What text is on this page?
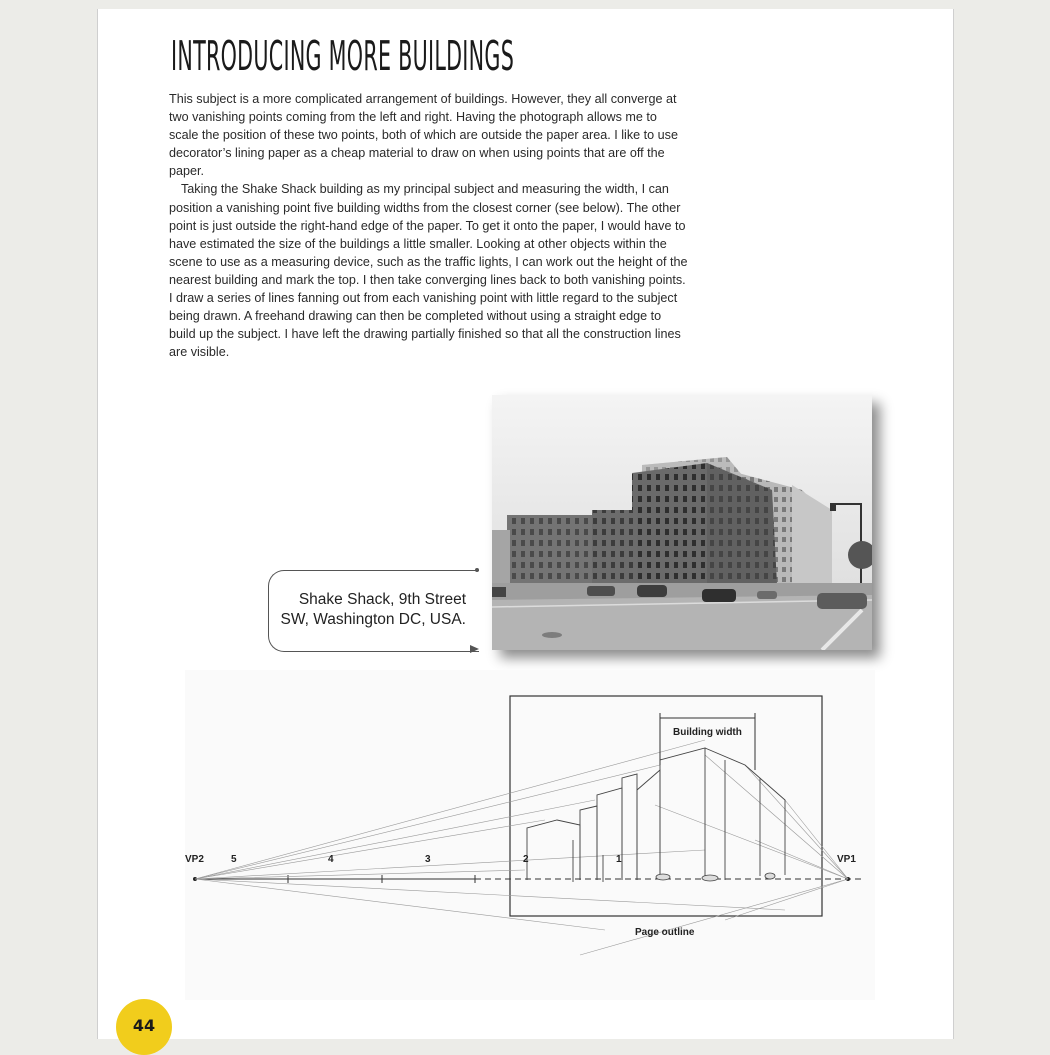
INTRODUCING MORE BUILDINGS

This subject is a more complicated arrangement of buildings. However, they all converge at two vanishing points coming from the left and right. Having the photograph allows me to scale the position of these two points, both of which are outside the paper area. I like to use decorator’s lining paper as a cheap material to draw on when using points that are off the paper.

Taking the Shake Shack building as my principal subject and measuring the width, I can position a vanishing point five building widths from the closest corner (see below). The other point is just outside the right-hand edge of the paper. To get it onto the paper, I would have to have estimated the size of the buildings a little smaller. Looking at other objects within the scene to use as a measuring device, such as the traffic lights, I can work out the height of the nearest building and mark the top. I then take converging lines back to both vanishing points. I draw a series of lines fanning out from each vanishing point with little regard to the subject being drawn. A freehand drawing can then be completed without using a straight edge to build up the subject. I have left the drawing partially finished so that all the construction lines are visible.

Shake Shack, 9th Street
SW, Washington DC, USA.
VP2	5	4	3	2	1	VP1
Building width
Page outline
44
